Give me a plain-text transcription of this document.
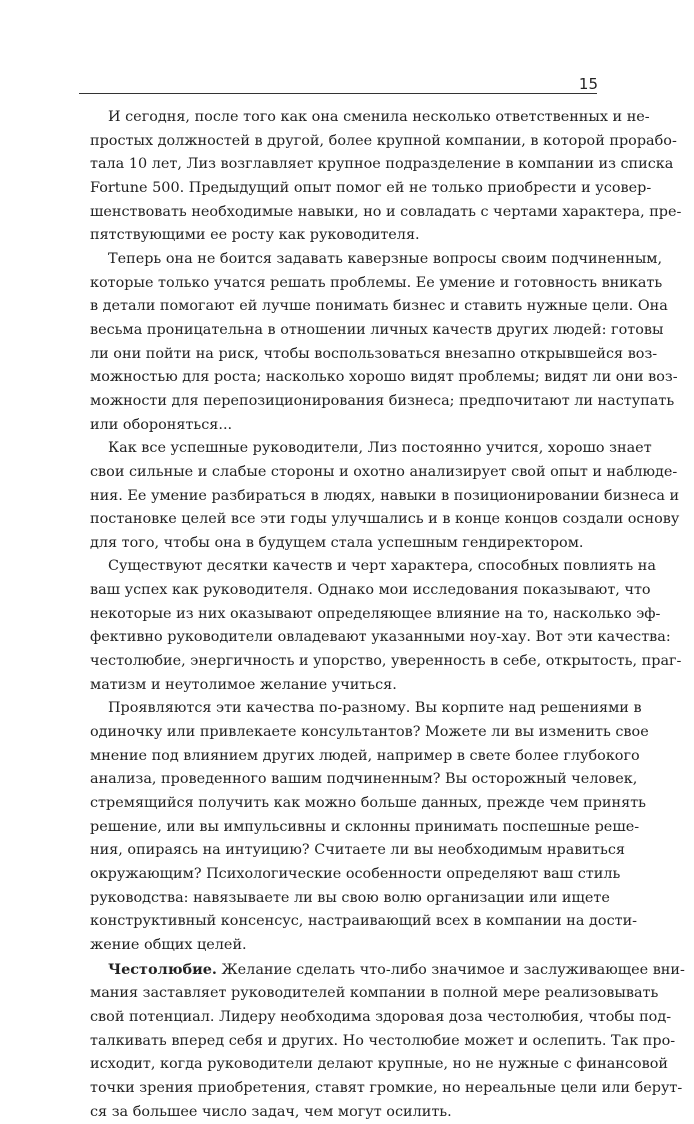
15
И сегодня, после того как она сменила несколько ответственных и не-
простых должностей в другой, более крупной компании, в которой прорабо-
тала 10 лет, Лиз возглавляет крупное подразделение в компании из списка
Fortune 500. Предыдущий опыт помог ей не только приобрести и усовер-
шенствовать необходимые навыки, но и совладать с чертами характера, пре-
пятствующими ее росту как руководителя.
Теперь она не боится задавать каверзные вопросы своим подчиненным,
которые только учатся решать проблемы. Ее умение и готовность вникать
в детали помогают ей лучше понимать бизнес и ставить нужные цели. Она
весьма проницательна в отношении личных качеств других людей: готовы
ли они пойти на риск, чтобы воспользоваться внезапно открывшейся воз-
можностью для роста; насколько хорошо видят проблемы; видят ли они воз-
можности для перепозиционирования бизнеса; предпочитают ли наступать
или обороняться...
Как все успешные руководители, Лиз постоянно учится, хорошо знает
свои сильные и слабые стороны и охотно анализирует свой опыт и наблюде-
ния. Ее умение разбираться в людях, навыки в позиционировании бизнеса и
постановке целей все эти годы улучшались и в конце концов создали основу
для того, чтобы она в будущем стала успешным гендиректором.
Существуют десятки качеств и черт характера, способных повлиять на
ваш успех как руководителя. Однако мои исследования показывают, что
некоторые из них оказывают определяющее влияние на то, насколько эф-
фективно руководители овладевают указанными ноу-хау. Вот эти качества:
честолюбие, энергичность и упорство, уверенность в себе, открытость, праг-
матизм и неутолимое желание учиться.
Проявляются эти качества по-разному. Вы корпите над решениями в
одиночку или привлекаете консультантов? Можете ли вы изменить свое
мнение под влиянием других людей, например в свете более глубокого
анализа, проведенного вашим подчиненным? Вы осторожный человек,
стремящийся получить как можно больше данных, прежде чем принять
решение, или вы импульсивны и склонны принимать поспешные реше-
ния, опираясь на интуицию? Считаете ли вы необходимым нравиться
окружающим? Психологические особенности определяют ваш стиль
руководства: навязываете ли вы свою волю организации или ищете
конструктивный консенсус, настраивающий всех в компании на дости-
жение общих целей.
Честолюбие. Желание сделать что-либо значимое и заслуживающее вни-
мания заставляет руководителей компании в полной мере реализовывать
свой потенциал. Лидеру необходима здоровая доза честолюбия, чтобы под-
талкивать вперед себя и других. Но честолюбие может и ослепить. Так про-
исходит, когда руководители делают крупные, но не нужные с финансовой
точки зрения приобретения, ставят громкие, но нереальные цели или берут-
ся за большее число задач, чем могут осилить.
